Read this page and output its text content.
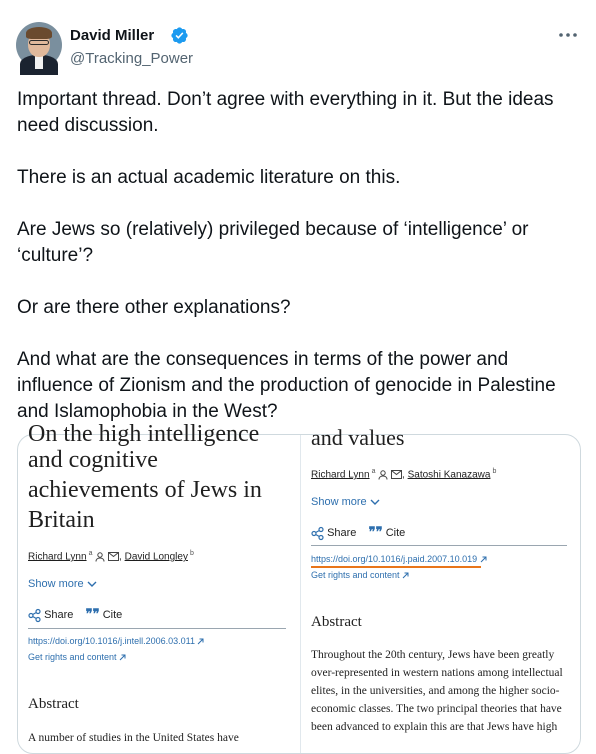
David Miller
@Tracking_Power

Important thread. Don’t agree with everything in it. But the ideas need discussion.

There is an actual academic literature on this.

Are Jews so (relatively) privileged because of ‘intelligence’ or ‘culture’?

Or are there other explanations?

And what are the consequences in terms of the power and influence of Zionism and the production of genocide in Palestine and Islamophobia in the West?

On the high intelligence
and cognitive achievements of Jews in Britain
Richard Lynn $^a$	, David Longley $^b$
Show more
Share ❞❞ Cite
https://doi.org/10.1016/j.intell.2006.03.011
Get rights and content
Abstract
A number of studies in the United States have
and values
Richard Lynn $^a$	, Satoshi Kanazawa $^b$
Show more
Share ❞❞ Cite
https://doi.org/10.1016/j.paid.2007.10.019
Get rights and content
Abstract
Throughout the 20th century, Jews have been greatly over-represented in western nations among intellectual elites, in the universities, and among the higher socio-economic classes. The two principal theories that have been advanced to explain this are that Jews have high
